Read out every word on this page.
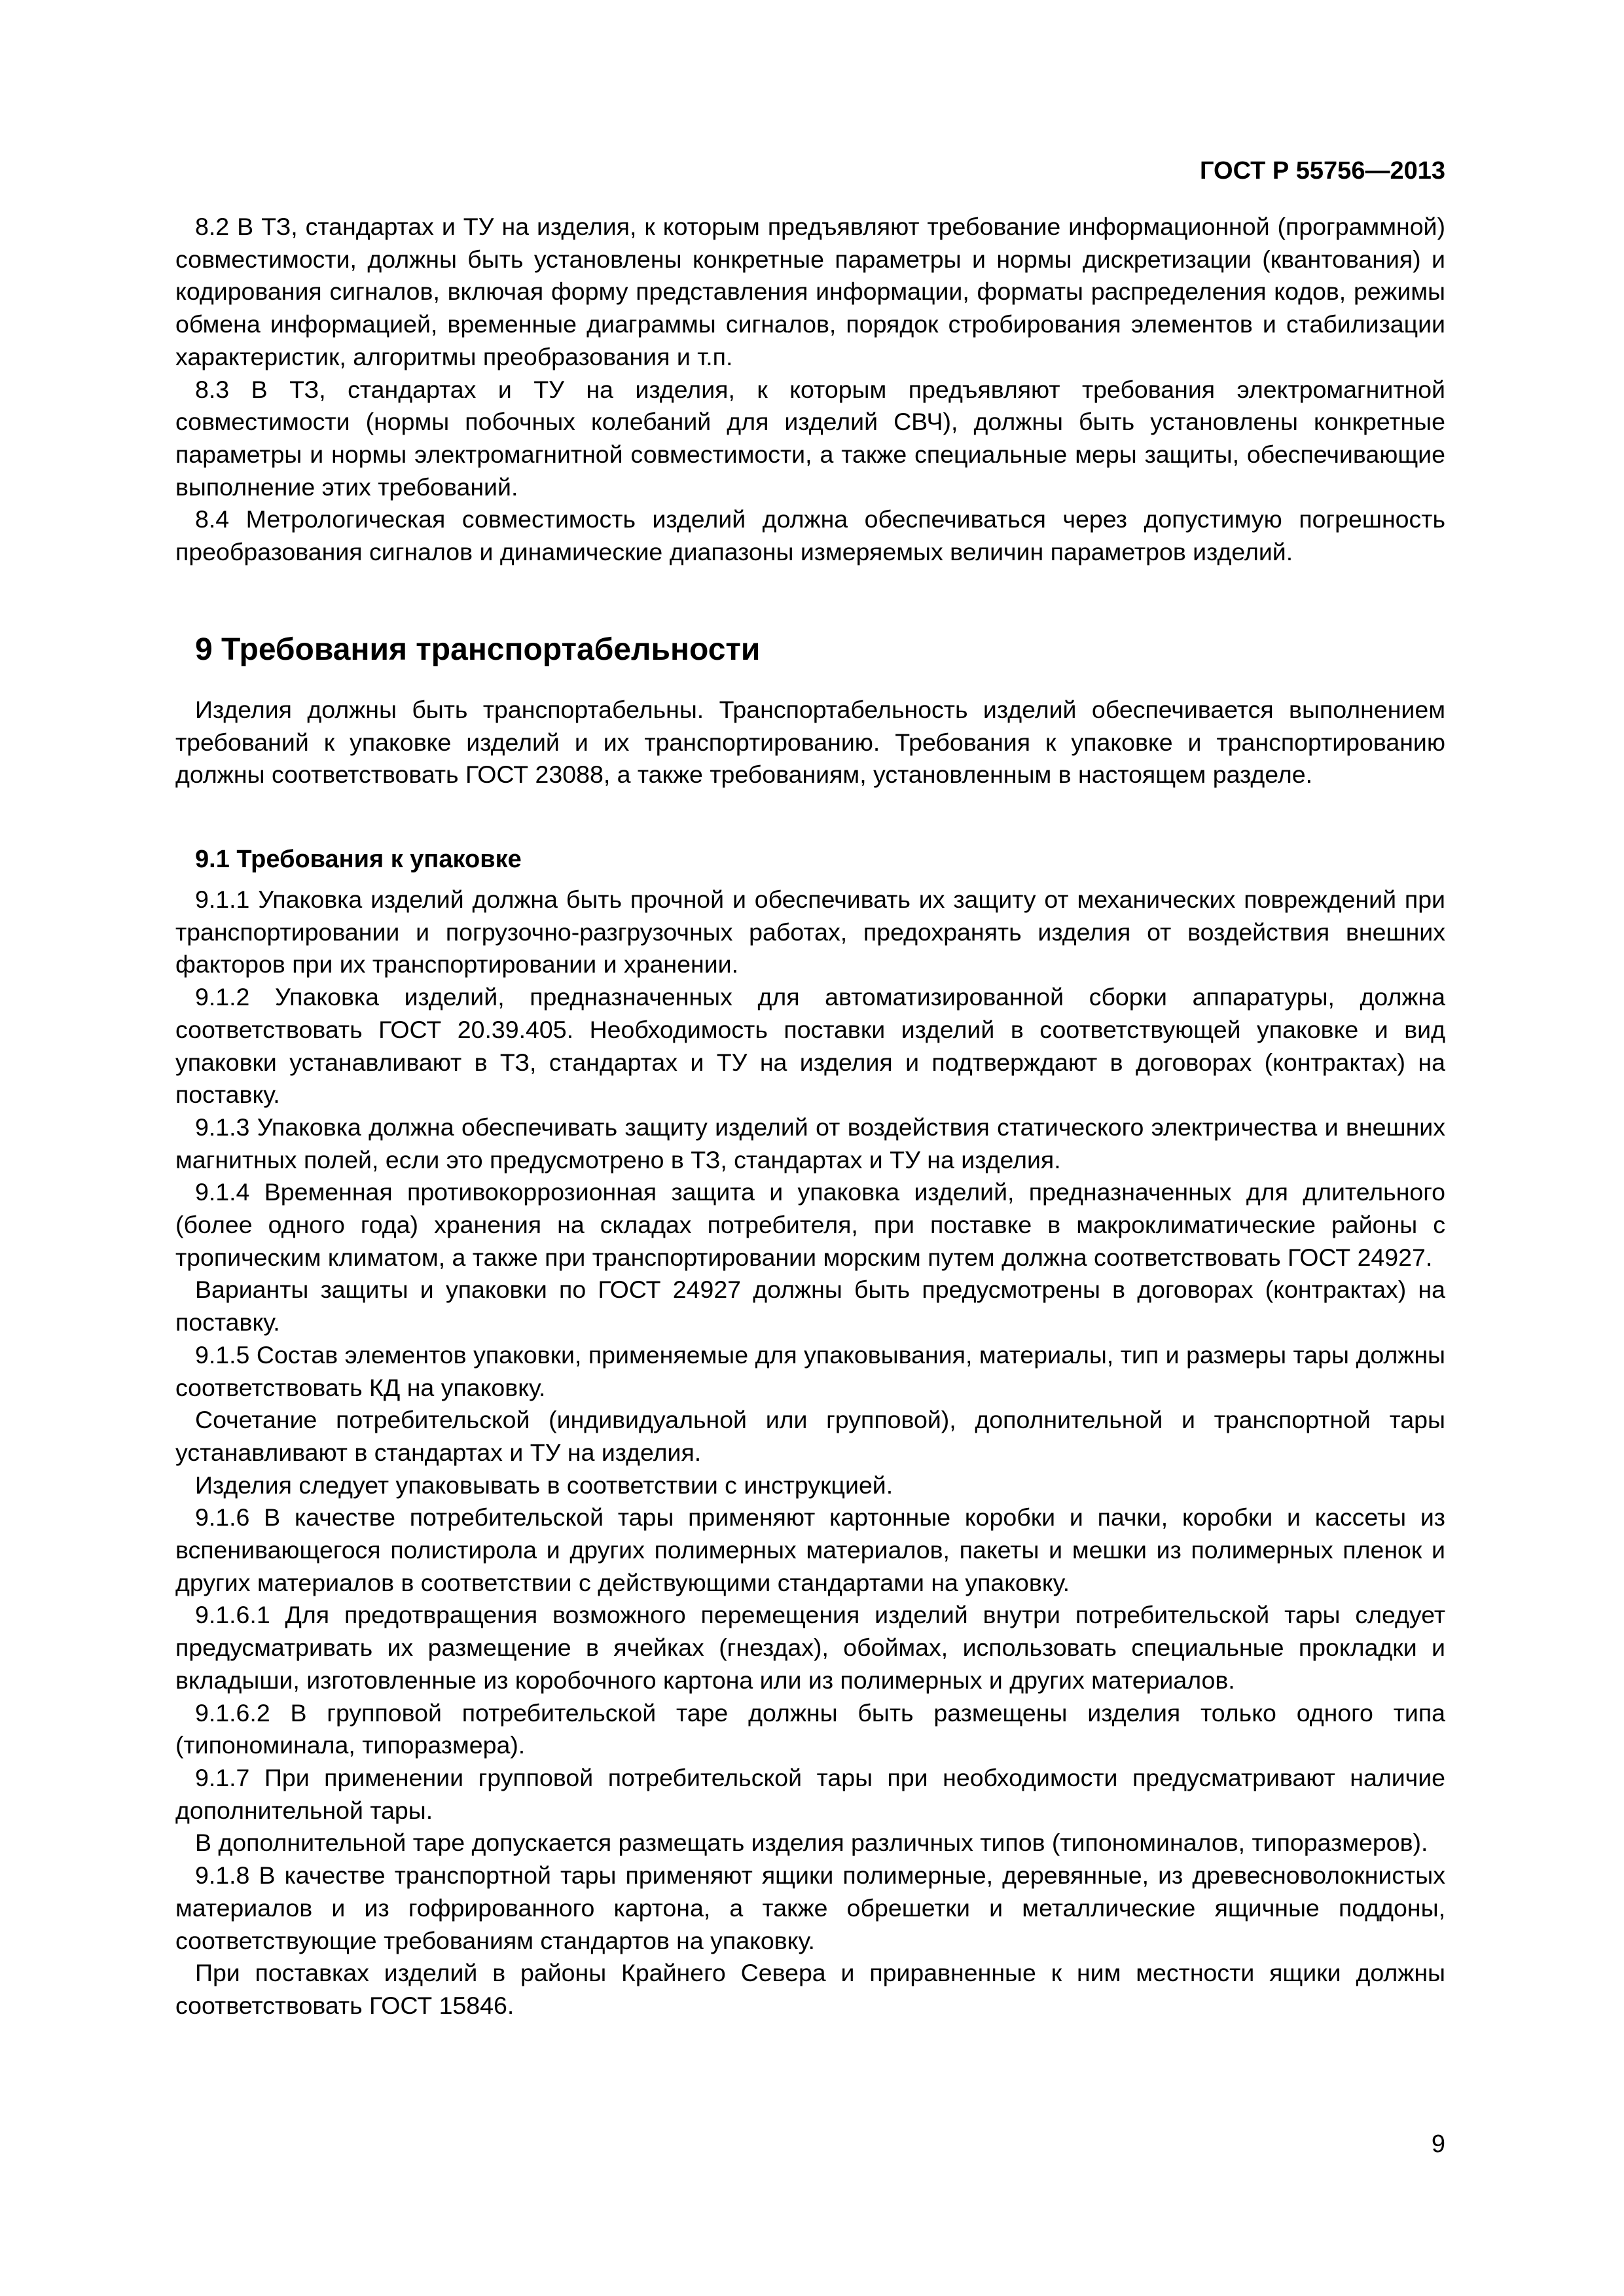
ГОСТ Р 55756—2013

8.2 В ТЗ, стандартах и ТУ на изделия, к которым предъявляют требование информационной (программной) совместимости, должны быть установлены конкретные параметры и нормы дискретизации (квантования) и кодирования сигналов, включая форму представления информации, форматы распределения кодов, режимы обмена информацией, временные диаграммы сигналов, порядок стробирования элементов и стабилизации характеристик, алгоритмы преобразования и т.п.

8.3 В ТЗ, стандартах и ТУ на изделия, к которым предъявляют требования электромагнитной совместимости (нормы побочных колебаний для изделий СВЧ), должны быть установлены конкретные параметры и нормы электромагнитной совместимости, а также специальные меры защиты, обеспечивающие выполнение этих требований.

8.4 Метрологическая совместимость изделий должна обеспечиваться через допустимую погрешность преобразования сигналов и динамические диапазоны измеряемых величин параметров изделий.

9 Требования транспортабельности

Изделия должны быть транспортабельны. Транспортабельность изделий обеспечивается выполнением требований к упаковке изделий и их транспортированию. Требования к упаковке и транспортированию должны соответствовать ГОСТ 23088, а также требованиям, установленным в настоящем разделе.

9.1 Требования к упаковке

9.1.1 Упаковка изделий должна быть прочной и обеспечивать их защиту от механических повреждений при транспортировании и погрузочно-разгрузочных работах, предохранять изделия от воздействия внешних факторов при их транспортировании и хранении.

9.1.2 Упаковка изделий, предназначенных для автоматизированной сборки аппаратуры, должна соответствовать ГОСТ 20.39.405. Необходимость поставки изделий в соответствующей упаковке и вид упаковки устанавливают в ТЗ, стандартах и ТУ на изделия и подтверждают в договорах (контрактах) на поставку.

9.1.3 Упаковка должна обеспечивать защиту изделий от воздействия статического электричества и внешних магнитных полей, если это предусмотрено в ТЗ, стандартах и ТУ на изделия.

9.1.4 Временная противокоррозионная защита и упаковка изделий, предназначенных для длительного (более одного года) хранения на складах потребителя, при поставке в макроклиматические районы с тропическим климатом, а также при транспортировании морским путем должна соответствовать ГОСТ 24927.

Варианты защиты и упаковки по ГОСТ 24927 должны быть предусмотрены в договорах (контрактах) на поставку.

9.1.5 Состав элементов упаковки, применяемые для упаковывания, материалы, тип и размеры тары должны соответствовать КД на упаковку.

Сочетание потребительской (индивидуальной или групповой), дополнительной и транспортной тары устанавливают в стандартах и ТУ на изделия.

Изделия следует упаковывать в соответствии с инструкцией.

9.1.6 В качестве потребительской тары применяют картонные коробки и пачки, коробки и кассеты из вспенивающегося полистирола и других полимерных материалов, пакеты и мешки из полимерных пленок и других материалов в соответствии с действующими стандартами на упаковку.

9.1.6.1 Для предотвращения возможного перемещения изделий внутри потребительской тары следует предусматривать их размещение в ячейках (гнездах), обоймах, использовать специальные прокладки и вкладыши, изготовленные из коробочного картона или из полимерных и других материалов.

9.1.6.2 В групповой потребительской таре должны быть размещены изделия только одного типа (типономинала, типоразмера).

9.1.7 При применении групповой потребительской тары при необходимости предусматривают наличие дополнительной тары.

В дополнительной таре допускается размещать изделия различных типов (типономиналов, типоразмеров).

9.1.8 В качестве транспортной тары применяют ящики полимерные, деревянные, из древесноволокнистых материалов и из гофрированного картона, а также обрешетки и металлические ящичные поддоны, соответствующие требованиям стандартов на упаковку.

При поставках изделий в районы Крайнего Севера и приравненные к ним местности ящики должны соответствовать ГОСТ 15846.

9
